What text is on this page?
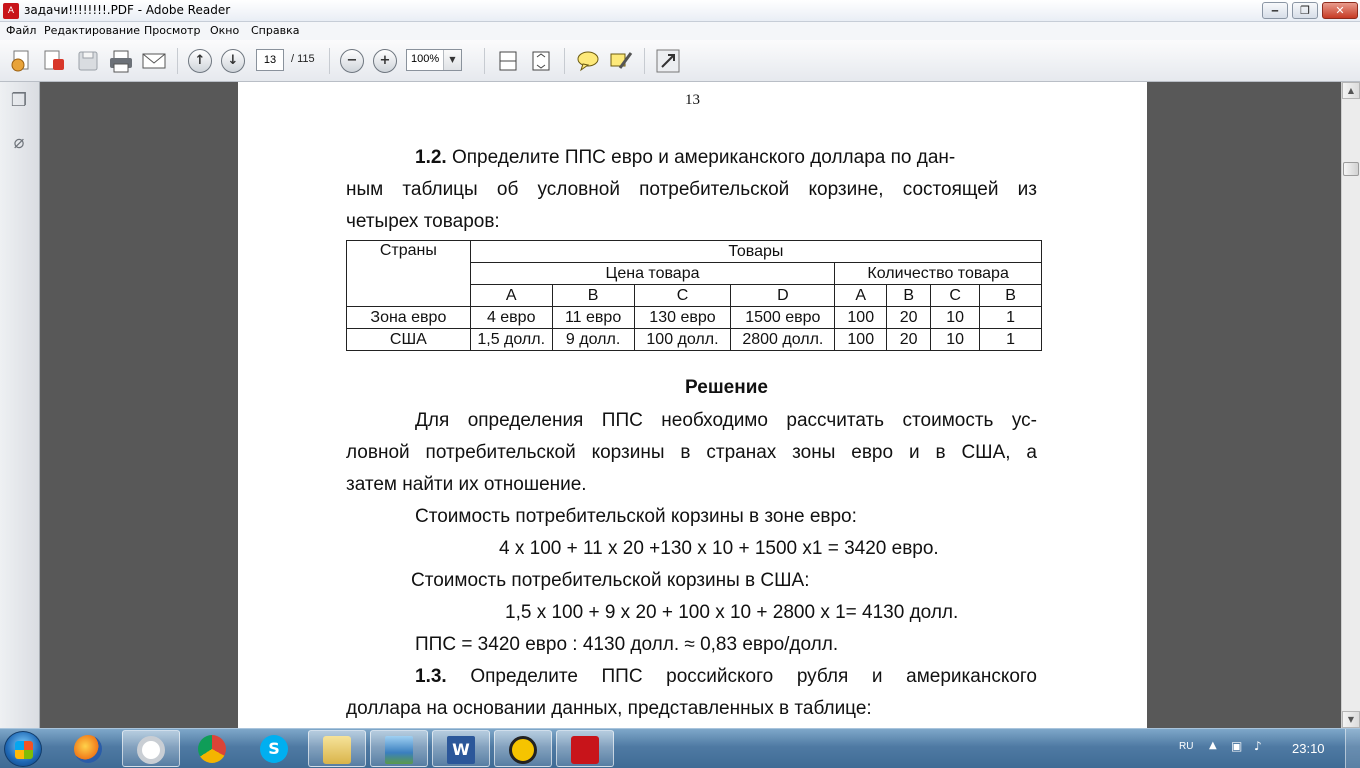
A задачи!!!!!!!!.PDF - Adobe Reader	‒	❐	✕
Файл Редактирование Просмотр Окно Справка
↑	↓	−	+
13	/ 115	100%	▼
❐
⌀
13
1.2. Определите ППС евро и американского доллара по дан-
ным таблицы об условной потребительской корзине, состоящей из
четырех товаров:
Страны	Товары							
	Цена товара				Количество товара			
	A	B	C	D	A	B	C	B
Зона евро	4 евро	11 евро	130 евро	1500 евро	100	20	10	1
США	1,5 долл.	9 долл.	100 долл.	2800 долл.	100	20	10	1
Решение
Для определения ППС необходимо рассчитать стоимость ус-
ловной потребительской корзины в странах зоны евро и в США, а
затем найти их отношение.
Стоимость потребительской корзины в зоне евро:
4 х 100 + 11 х 20 +130 х 10 + 1500 х1 = 3420 евро.
Стоимость потребительской корзины в США:
1,5 х 100 + 9 х 20 + 100 х 10 + 2800 х 1= 4130 долл.
ППС = 3420 евро : 4130 долл. ≈ 0,83 евро/долл.
1.3. Определите ППС российского рубля и американского
доллара на основании данных, представленных в таблице:
▲
▼
S	W	RU ▲ ▣ ♪	23:10
